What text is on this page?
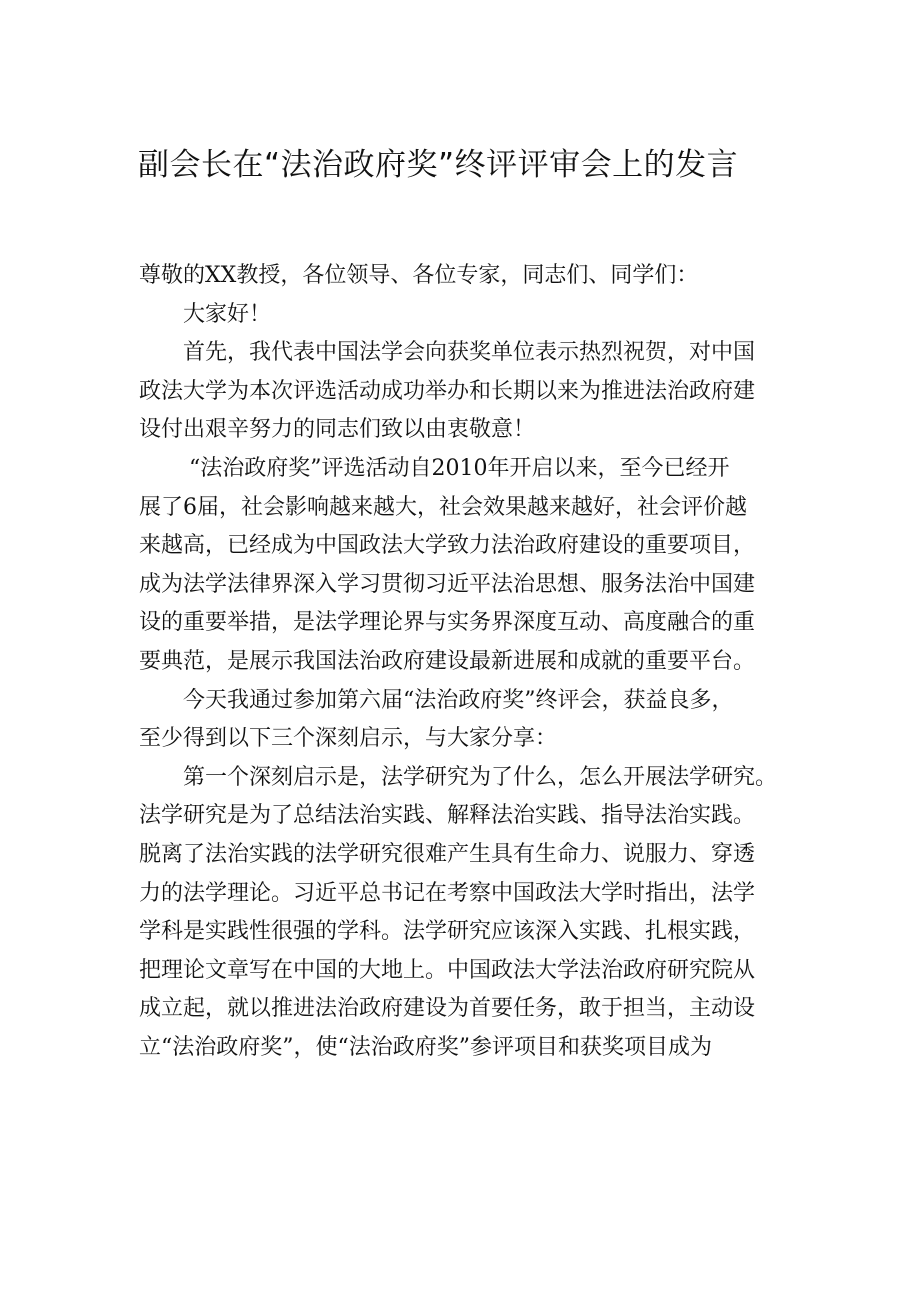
副会长在“法治政府奖”终评评审会上的发言
尊敬的XX教授，各位领导、各位专家，同志们、同学们：
大家好！
首先，我代表中国法学会向获奖单位表示热烈祝贺，对中国
政法大学为本次评选活动成功举办和长期以来为推进法治政府建
设付出艰辛努力的同志们致以由衷敬意！
“法治政府奖”评选活动自2010年开启以来，至今已经开
展了6届，社会影响越来越大，社会效果越来越好，社会评价越
来越高，已经成为中国政法大学致力法治政府建设的重要项目，
成为法学法律界深入学习贯彻习近平法治思想、服务法治中国建
设的重要举措，是法学理论界与实务界深度互动、高度融合的重
要典范，是展示我国法治政府建设最新进展和成就的重要平台。
今天我通过参加第六届“法治政府奖”终评会，获益良多，
至少得到以下三个深刻启示，与大家分享：
第一个深刻启示是，法学研究为了什么，怎么开展法学研究。
法学研究是为了总结法治实践、解释法治实践、指导法治实践。
脱离了法治实践的法学研究很难产生具有生命力、说服力、穿透
力的法学理论。习近平总书记在考察中国政法大学时指出，法学
学科是实践性很强的学科。法学研究应该深入实践、扎根实践，
把理论文章写在中国的大地上。中国政法大学法治政府研究院从
成立起，就以推进法治政府建设为首要任务，敢于担当，主动设
立“法治政府奖”，使“法治政府奖”参评项目和获奖项目成为
